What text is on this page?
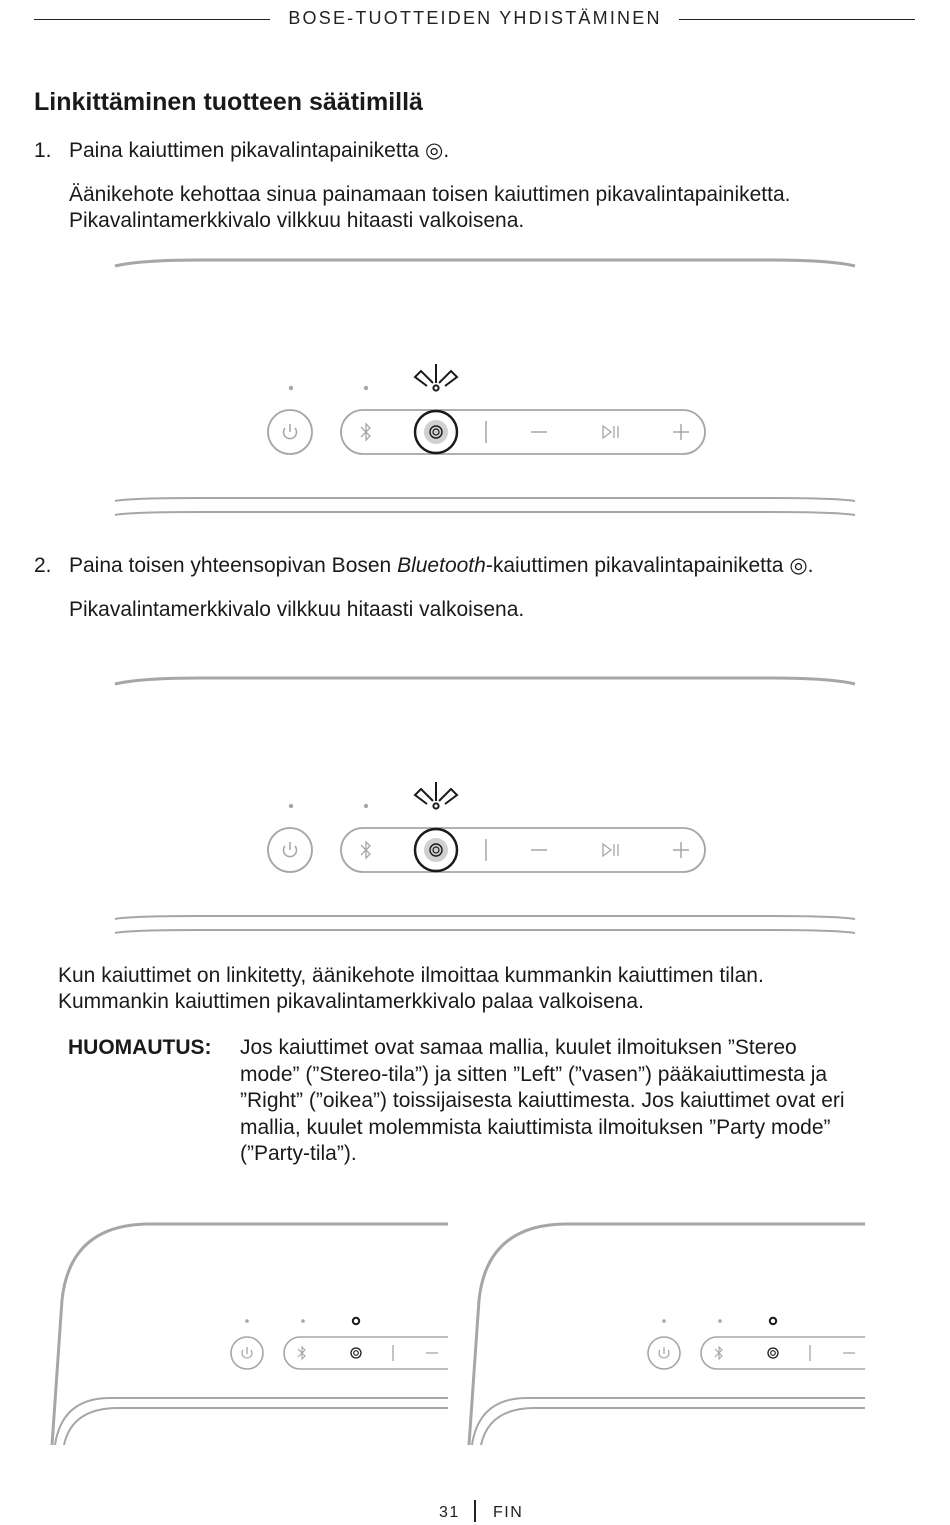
BOSE-TUOTTEIDEN YHDISTÄMINEN
Linkittäminen tuotteen säätimillä
1. Paina kaiuttimen pikavalintapainiketta ◎.

Äänikehote kehottaa sinua painamaan toisen kaiuttimen pikavalintapainiketta.

Pikavalintamerkkivalo vilkkuu hitaasti valkoisena.

2. Paina toisen yhteensopivan Bosen Bluetooth-kaiuttimen pikavalintapainiketta ◎.

Pikavalintamerkkivalo vilkkuu hitaasti valkoisena.

Kun kaiuttimet on linkitetty, äänikehote ilmoittaa kummankin kaiuttimen tilan.

Kummankin kaiuttimen pikavalintamerkkivalo palaa valkoisena.

HUOMAUTUS: Jos kaiuttimet ovat samaa mallia, kuulet ilmoituksen ”Stereo
mode” (”Stereo-tila”) ja sitten ”Left” (”vasen”) pääkaiuttimesta ja
”Right” (”oikea”) toissijaisesta kaiuttimesta. Jos kaiuttimet ovat eri
mallia, kuulet molemmista kaiuttimista ilmoituksen ”Party mode”
(”Party-tila”).
31 FIN
